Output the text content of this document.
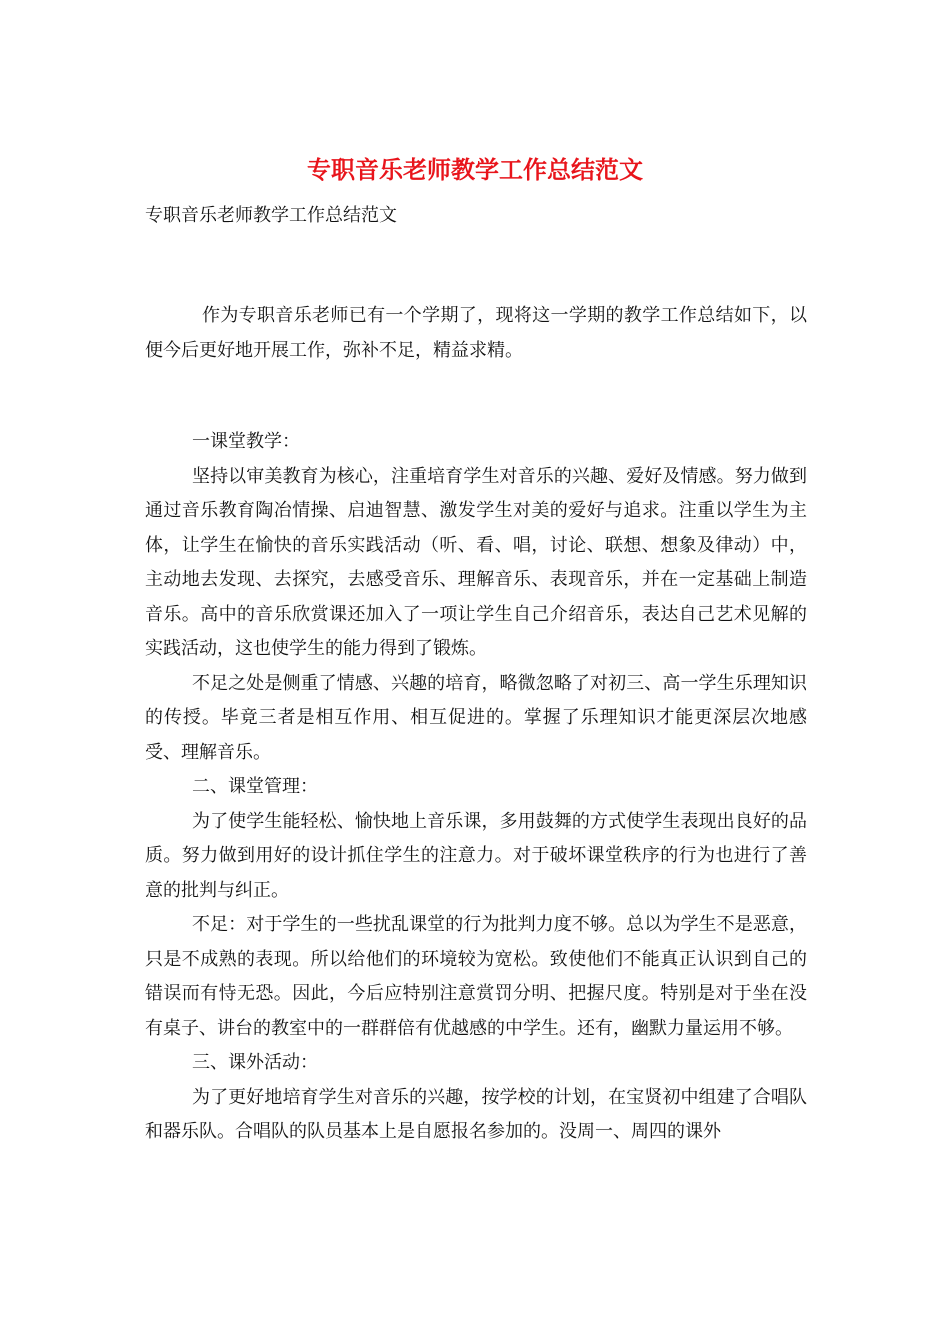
专职音乐老师教学工作总结范文
专职音乐老师教学工作总结范文

作为专职音乐老师已有一个学期了，现将这一学期的教学工作总结如下，以便今后更好地开展工作，弥补不足，精益求精。

一课堂教学：

坚持以审美教育为核心，注重培育学生对音乐的兴趣、爱好及情感。努力做到通过音乐教育陶冶情操、启迪智慧、激发学生对美的爱好与追求。注重以学生为主体，让学生在愉快的音乐实践活动（听、看、唱，讨论、联想、想象及律动）中，主动地去发现、去探究，去感受音乐、理解音乐、表现音乐，并在一定基础上制造音乐。高中的音乐欣赏课还加入了一项让学生自己介绍音乐，表达自己艺术见解的实践活动，这也使学生的能力得到了锻炼。

不足之处是侧重了情感、兴趣的培育，略微忽略了对初三、高一学生乐理知识的传授。毕竟三者是相互作用、相互促进的。掌握了乐理知识才能更深层次地感受、理解音乐。

二、课堂管理：

为了使学生能轻松、愉快地上音乐课，多用鼓舞的方式使学生表现出良好的品质。努力做到用好的设计抓住学生的注意力。对于破坏课堂秩序的行为也进行了善意的批判与纠正。

不足：对于学生的一些扰乱课堂的行为批判力度不够。总以为学生不是恶意，只是不成熟的表现。所以给他们的环境较为宽松。致使他们不能真正认识到自己的错误而有恃无恐。因此，今后应特别注意赏罚分明、把握尺度。特别是对于坐在没有桌子、讲台的教室中的一群群倍有优越感的中学生。还有，幽默力量运用不够。

三、课外活动：

为了更好地培育学生对音乐的兴趣，按学校的计划，在宝贤初中组建了合唱队和器乐队。合唱队的队员基本上是自愿报名参加的。没周一、周四的课外
